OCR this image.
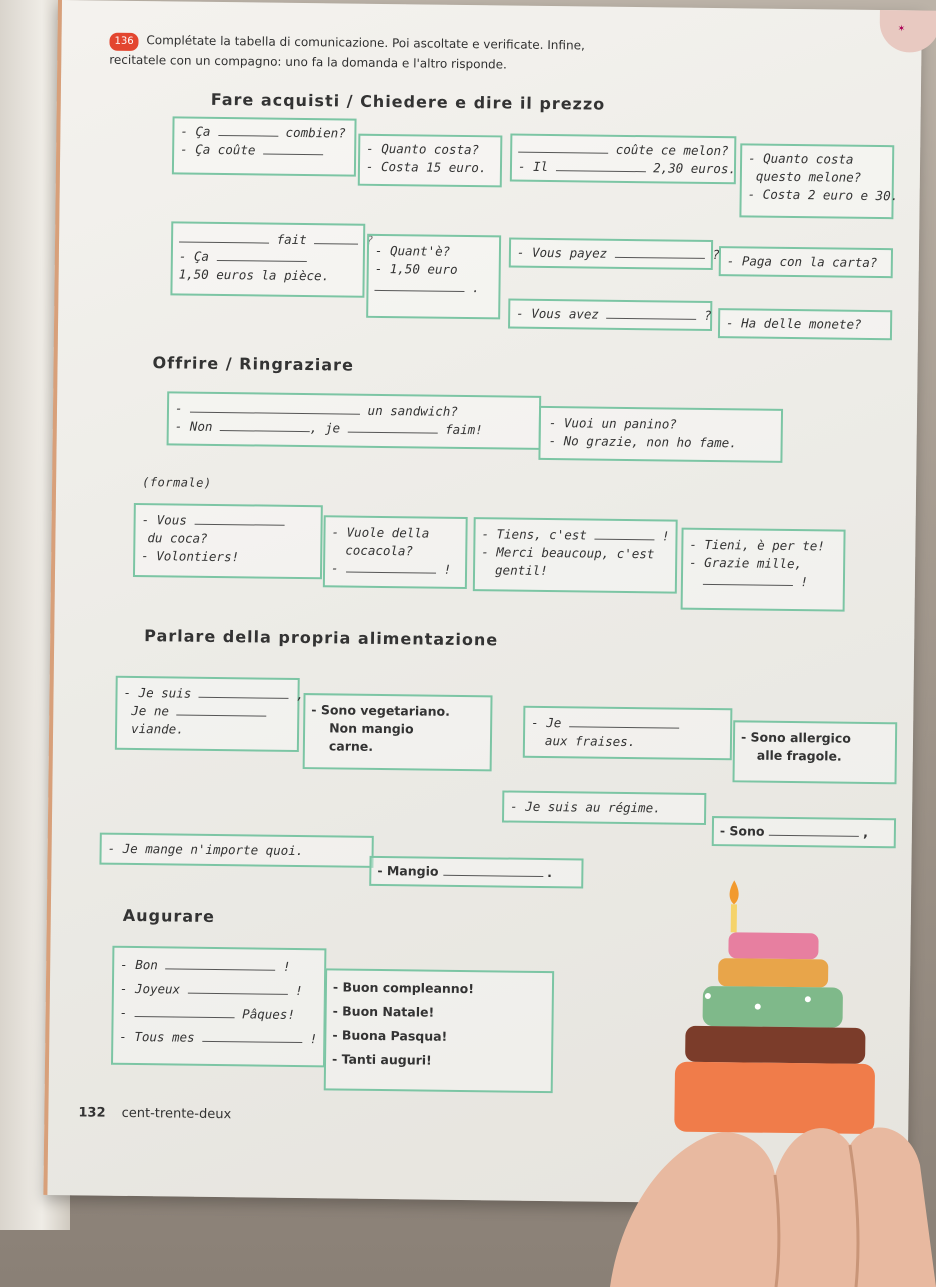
✶
136 Complétate la tabella di comunicazione. Poi ascoltate e verificate. Infine,
recitatele con un compagno: uno fa la domanda e l'altro risponde.
Fare acquisti / Chiedere e dire il prezzo
- Ça	combien?
- Ça coûte	- Quanto costa?
- Costa 15 euro.
coûte ce melon?
- Il	2,30 euros.
- Quanto costa
questo melone?
- Costa 2 euro e 30.
fait	?
- Ça
1,50 euros la pièce.
- Quant'è?
- 1,50 euro
.
- Vous payez	? - Paga con la carta?
- Vous avez	?	- Ha delle monete?
Offrire / Ringraziare
-	un sandwich?
- Non	, je	faim!	- Vuoi un panino?
- No grazie, non ho fame.
(formale)
- Vous
du coca?
- Volontiers!
- Vuole della
cocacola?
-	!
- Tiens, c'est	!
- Merci beaucoup, c'est
gentil!
- Tieni, è per te!
- Grazie mille,
!
Parlare della propria alimentazione
- Je suis	,
Je ne
viande.
- Sono vegetariano.
Non mangio
carne.
- Je
aux fraises.	- Sono allergico
alle fragole.
- Je suis au régime.
- Sono	,
- Je mange n'importe quoi.
- Mangio	.
Augurare
- Bon	!
- Joyeux	!
-	Pâques!
- Tous mes	!
- Buon compleanno!
- Buon Natale!
- Buona Pasqua!
- Tanti auguri!
132 cent-trente-deux
